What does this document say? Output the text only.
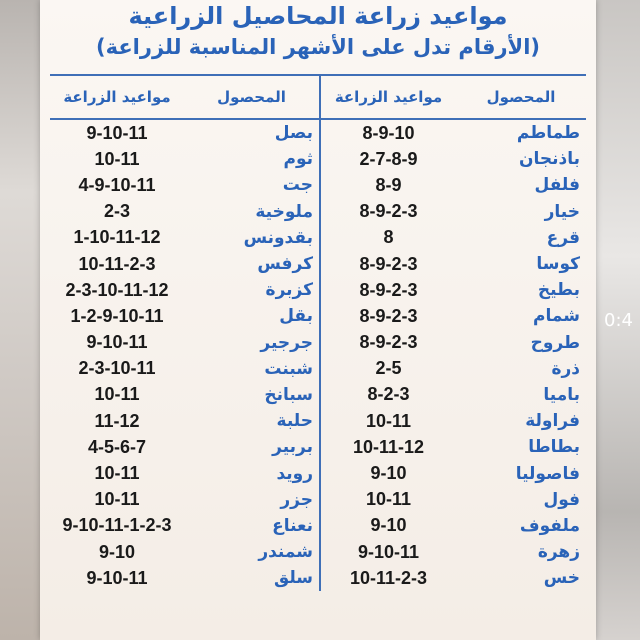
0:4
مواعيد زراعة المحاصيل الزراعية
(الأرقام تدل على الأشهر المناسبة للزراعة)
المحصول	مواعيد الزراعة	المحصول	مواعيد الزراعة
طماطم	8-9-10	بصل	9-10-11
باذنجان	2-7-8-9	ثوم	10-11
فلفل	8-9	جت	4-9-10-11
خيار	8-9-2-3	ملوخية	2-3
قرع	8	بقدونس	1-10-11-12
كوسا	8-9-2-3	كرفس	10-11-2-3
بطيخ	8-9-2-3	كزبرة	2-3-10-11-12
شمام	8-9-2-3	بقل	1-2-9-10-11
طروح	8-9-2-3	جرجير	9-10-11
ذرة	2-5	شبنت	2-3-10-11
باميا	8-2-3	سبانخ	10-11
فراولة	10-11	حلبة	11-12
بطاطا	10-11-12	بربير	4-5-6-7
فاصوليا	9-10	رويد	10-11
فول	10-11	جزر	10-11
ملفوف	9-10	نعناع	9-10-11-1-2-3
زهرة	9-10-11	شمندر	9-10
خس	10-11-2-3	سلق	9-10-11
